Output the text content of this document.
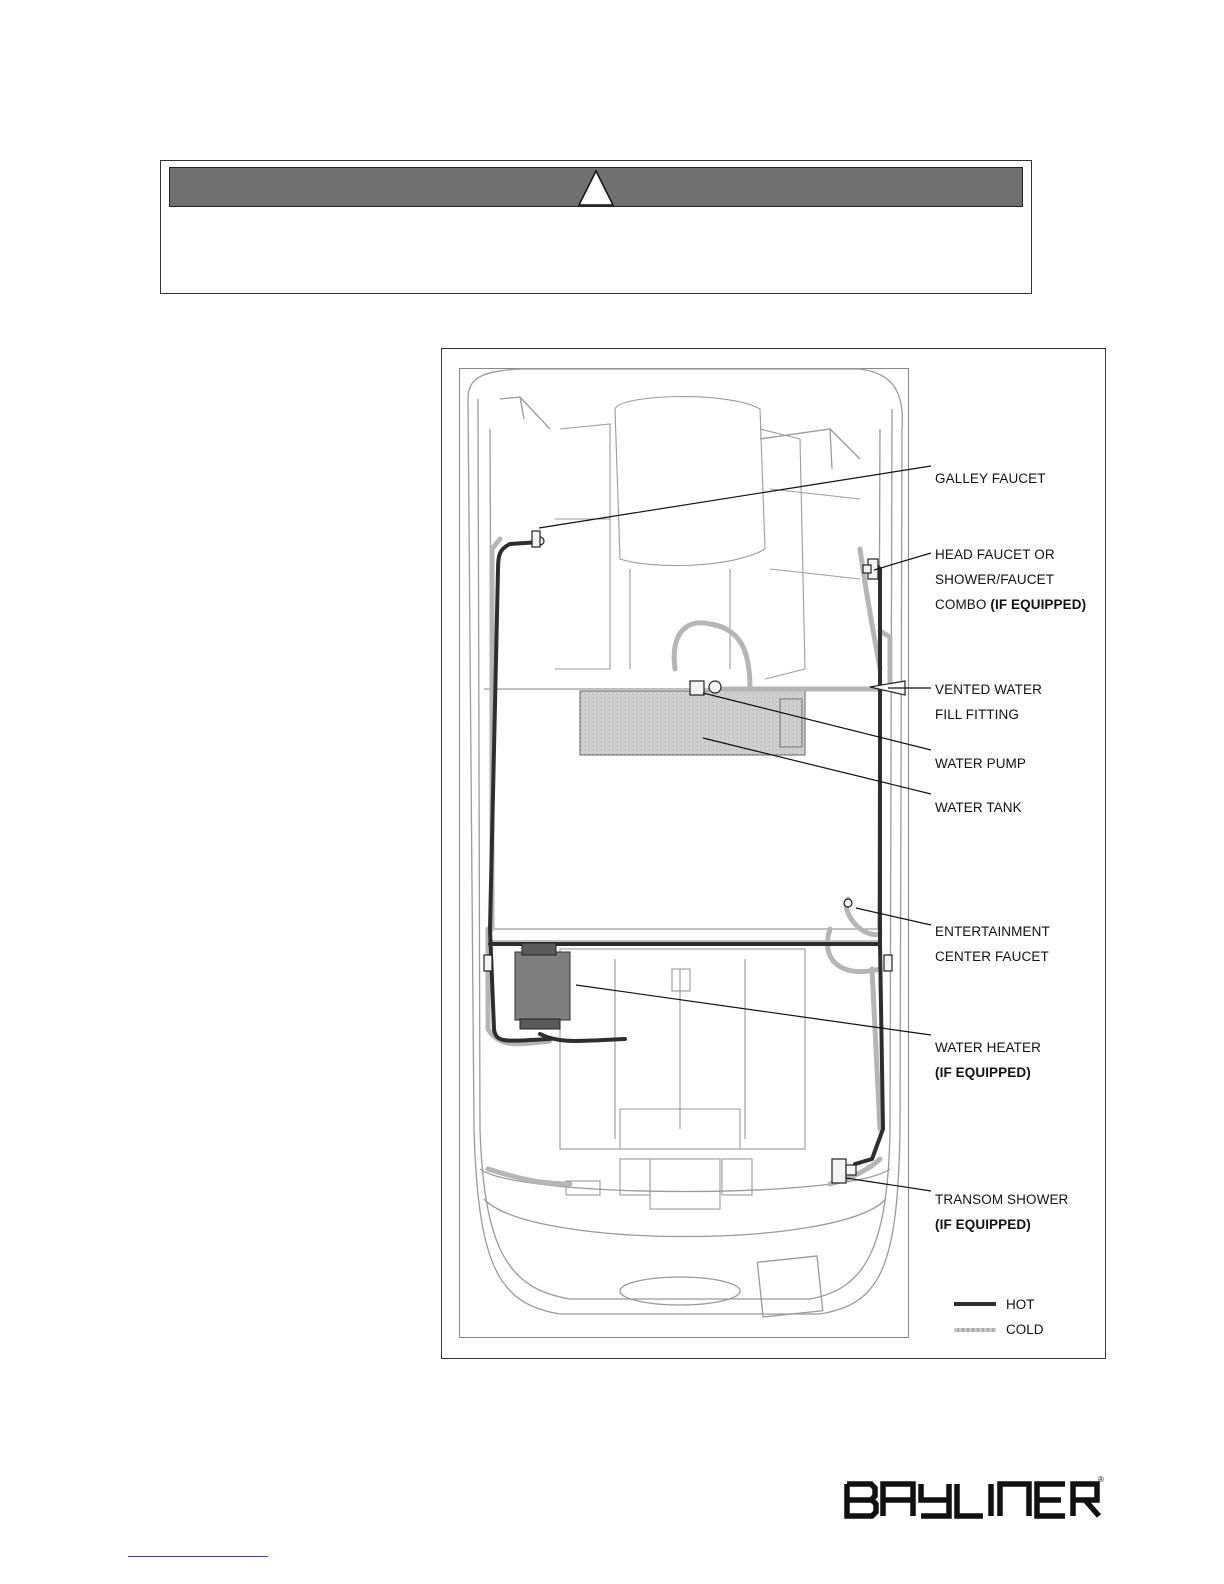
GALLEY FAUCET

HEAD FAUCET OR

SHOWER/FAUCET

COMBO (IF EQUIPPED)

VENTED WATER

FILL FITTING

WATER PUMP

WATER TANK

ENTERTAINMENT

CENTER FAUCET

WATER HEATER

(IF EQUIPPED)

TRANSOM SHOWER

(IF EQUIPPED)

HOT
COLD
®
